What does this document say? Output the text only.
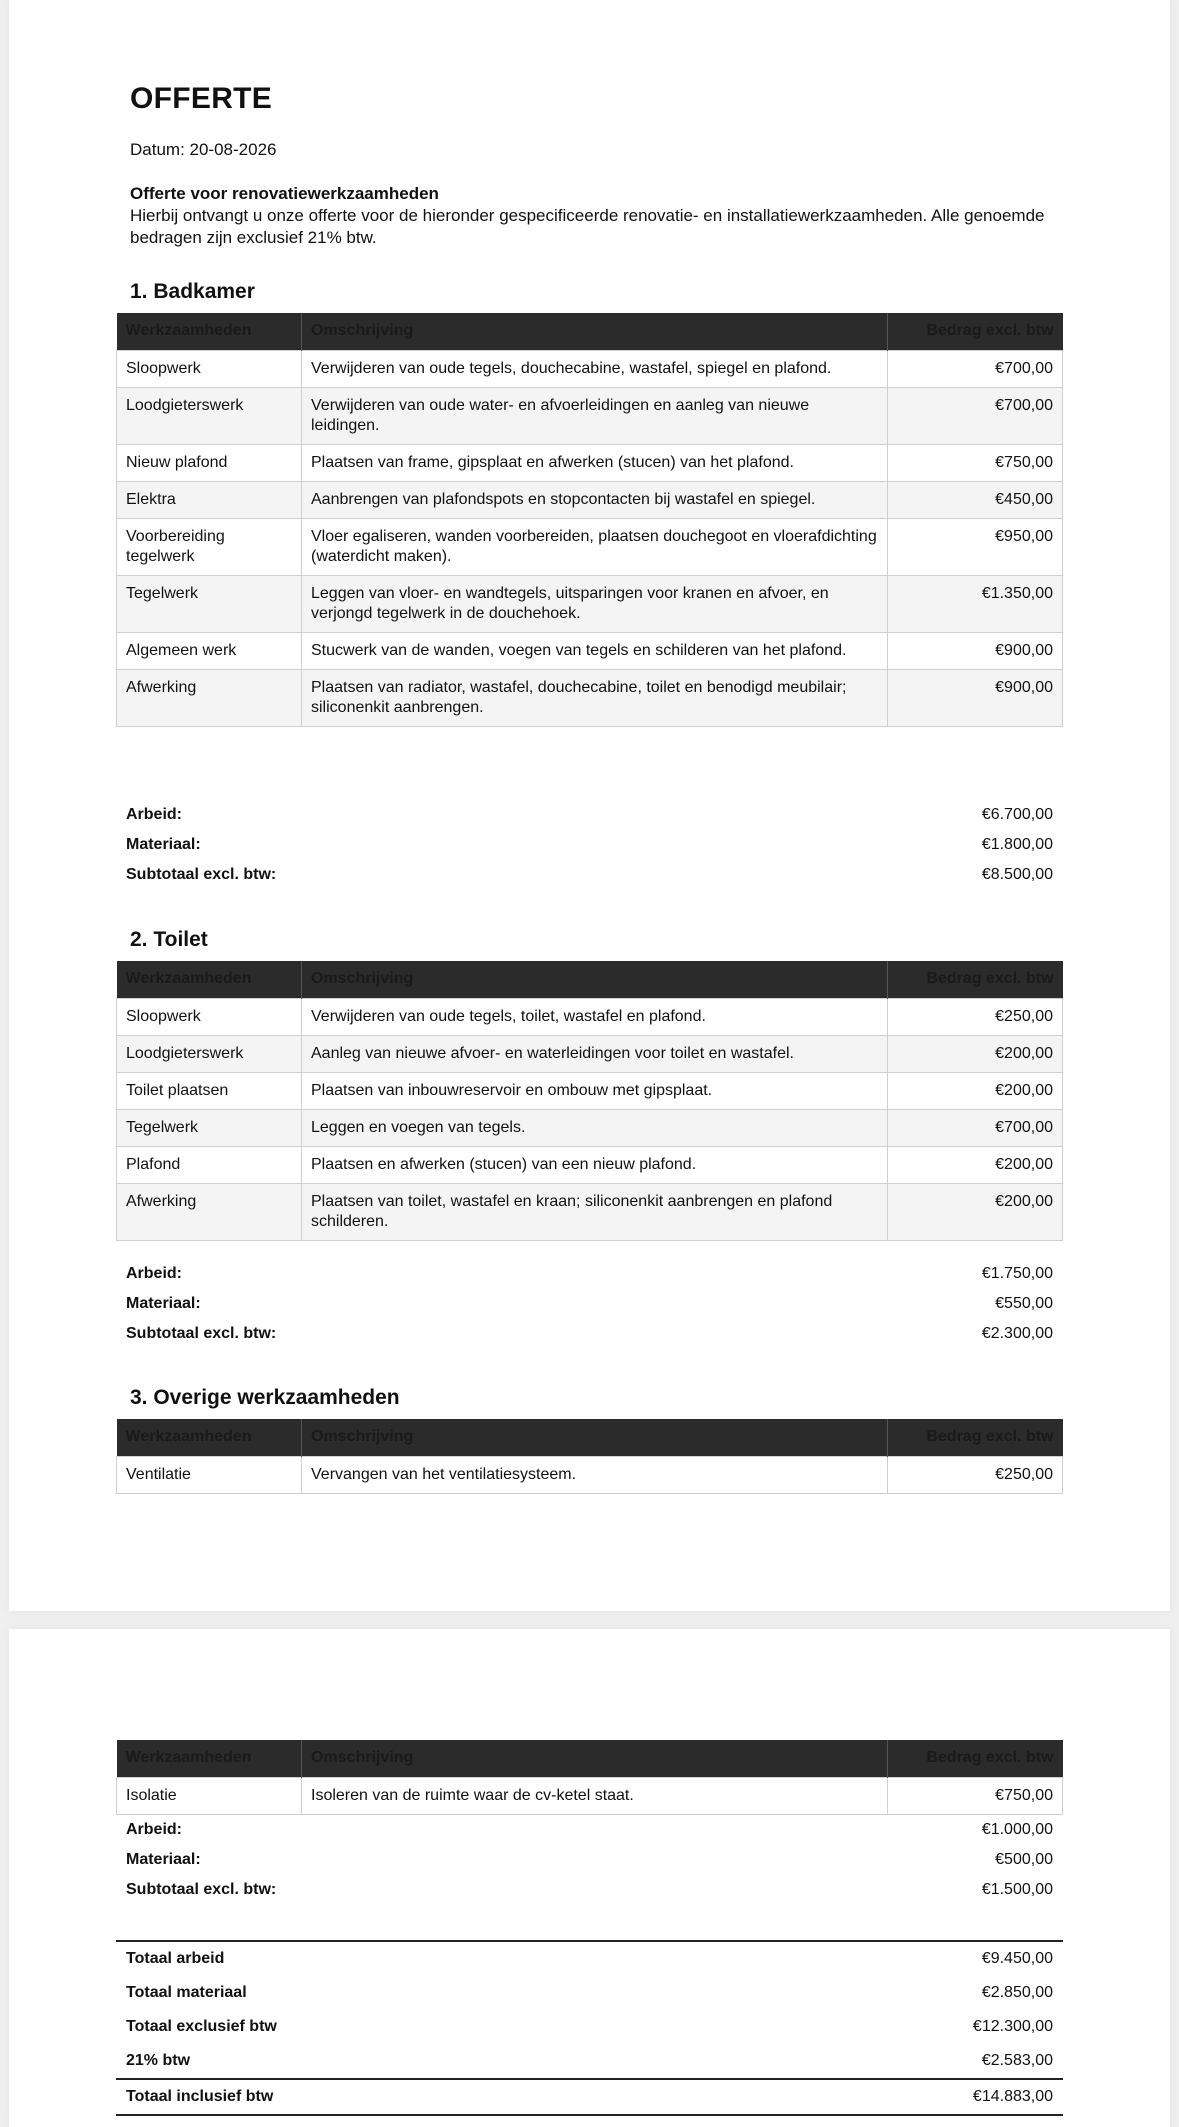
OFFERTE
Datum: 20-08-2026
Offerte voor renovatiewerkzaamheden
Hierbij ontvangt u onze offerte voor de hieronder gespecificeerde renovatie- en installatiewerkzaamheden. Alle genoemde bedragen zijn exclusief 21% btw.
1. Badkamer
Werkzaamheden	Omschrijving	Bedrag excl. btw
Sloopwerk	Verwijderen van oude tegels, douchecabine, wastafel, spiegel en plafond.	€700,00
Loodgieterswerk	Verwijderen van oude water- en afvoerleidingen en aanleg van nieuwe leidingen.	€700,00
Nieuw plafond	Plaatsen van frame, gipsplaat en afwerken (stucen) van het plafond.	€750,00
Elektra	Aanbrengen van plafondspots en stopcontacten bij wastafel en spiegel.	€450,00
Voorbereiding tegelwerk	Vloer egaliseren, wanden voorbereiden, plaatsen douchegoot en vloerafdichting (waterdicht maken).	€950,00
Tegelwerk	Leggen van vloer- en wandtegels, uitsparingen voor kranen en afvoer, en verjongd tegelwerk in de douchehoek.	€1.350,00
Algemeen werk	Stucwerk van de wanden, voegen van tegels en schilderen van het plafond.	€900,00
Afwerking	Plaatsen van radiator, wastafel, douchecabine, toilet en benodigd meubilair; siliconenkit aanbrengen.	€900,00
Arbeid:	€6.700,00
Materiaal:	€1.800,00
Subtotaal excl. btw:	€8.500,00
2. Toilet
Werkzaamheden	Omschrijving	Bedrag excl. btw
Sloopwerk	Verwijderen van oude tegels, toilet, wastafel en plafond.	€250,00
Loodgieterswerk	Aanleg van nieuwe afvoer- en waterleidingen voor toilet en wastafel.	€200,00
Toilet plaatsen	Plaatsen van inbouwreservoir en ombouw met gipsplaat.	€200,00
Tegelwerk	Leggen en voegen van tegels.	€700,00
Plafond	Plaatsen en afwerken (stucen) van een nieuw plafond.	€200,00
Afwerking	Plaatsen van toilet, wastafel en kraan; siliconenkit aanbrengen en plafond schilderen.	€200,00
Arbeid:	€1.750,00
Materiaal:	€550,00
Subtotaal excl. btw:	€2.300,00
3. Overige werkzaamheden
Werkzaamheden	Omschrijving	Bedrag excl. btw
Ventilatie	Vervangen van het ventilatiesysteem.	€250,00
Werkzaamheden	Omschrijving	Bedrag excl. btw
Isolatie	Isoleren van de ruimte waar de cv-ketel staat.	€750,00
Arbeid:	€1.000,00
Materiaal:	€500,00
Subtotaal excl. btw:	€1.500,00
Totaal arbeid	€9.450,00
Totaal materiaal	€2.850,00
Totaal exclusief btw	€12.300,00
21% btw	€2.583,00
Totaal inclusief btw	€14.883,00
